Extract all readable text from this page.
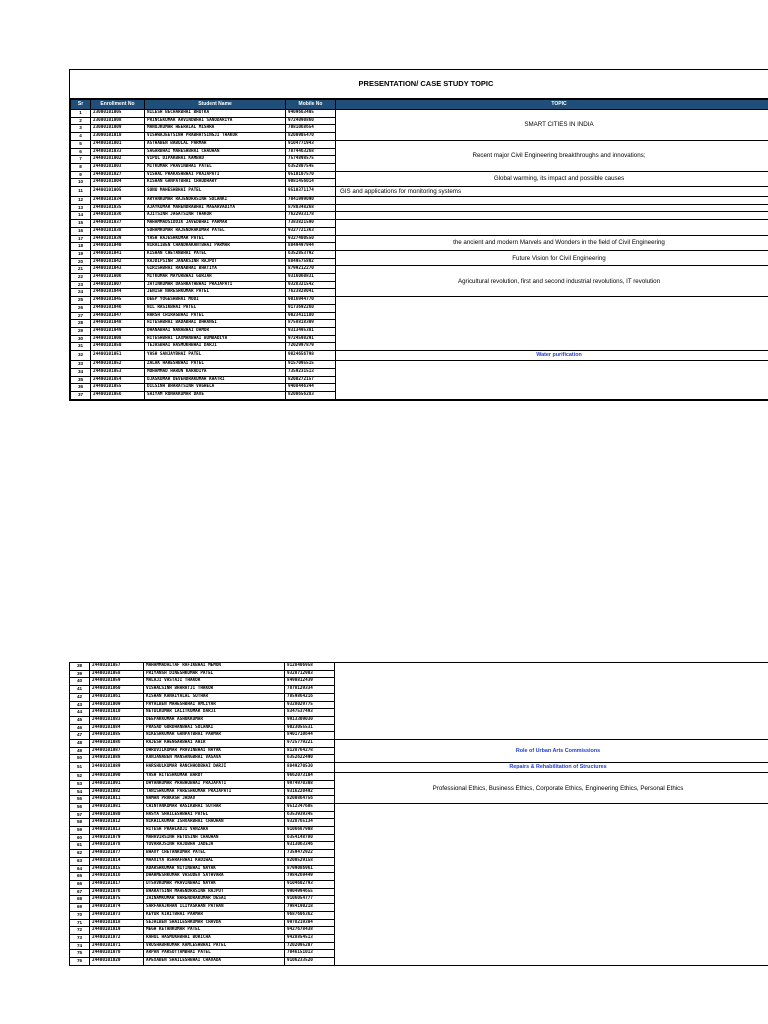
PRESENTATION/ CASE STUDY TOPIC
Sr	Enrollment No	Student Name	Mobile No	TOPIC
1	23000101005	NILESH BECHARBHAI BHUTKA	9409663405	SMART CITIES IN INDIA
2	23000101008	PRINCEKUMAR ARVINDBHAI SANODARIYA	9724090860	
3	23000101009	MANOJKUMAR HEERALAL MISHRA	7081068654	
4	23000101010	VISHWAJEETSINH PRABHATSINGJI THAKOR	8200905470	
5	24400101001	ASTHABEN BABULAL PARMAR	9104771943	Recent major Civil Engineering breakthroughs and innovations;
6	24400101033	SAGARBHAI MAHESHBHAI CHAUHAN	7874463268	
7	24400101002	VIPUL DIPAKBHAI KAMBAD	7574898575	
8	24400101003	MITKUMAR PRAVINBHAI PATEL	6352807545	
9	24400101027	VISHAL PRAKASHBHAI PRAJAPATI	9510107570	Global warming, its impact and possible causes
10	24400101004	KISHAN GANPATBHAI CHAUDHARY	9081456014	
11	24400101005	SONU MAHESHBHAI PATEL	9510371174	GIS and applications for monitoring systems
12	24400101034	ARYANKUMAR RAJENDRASINH SOLANKI	7041999090	
13	24400101035	AJAYKUMAR MAHENDRABHAI MAGARVADIYA	8780348268	
14	24400101036	AJITSINH JAGATSINH THAKOR	7622933178	
15	24400101037	MAHAMMADSIDDIK JAVEDBHAI PARMAR	7383821590	
16	24400101038	SOHAMKUMAR RAJENDRAKUMAR PATEL	9327721363	
17	24400101039	YASH RAJESHKUMAR PATEL	9327400550	the ancient and modern Marvels and Wonders in the field of Civil Engineering
18	24400101040	NIRALIBEN CHANDRAKANTBHAI PARMAR	8849497944	
19	24400101041	KISHAN CHETANBHAI PATEL	6352853792	Future Vision for Civil Engineering
20	24400101042	RAJDIPSINH JANAKSINH RAJPUT	8849575802	
21	24400101043	GIRISHBHAI RANABHAI BHATIYA	8799212270	Agricultural revolution, first and second industrial revolutions, IT revolution
22	24400101006	MITKUMAR MAYURBHAI GURJAR	9316060831	
23	24400101007	JATINKUMAR DASHRATHBHAI PRAJAPATI	9328321542	
24	24400101044	JENISH NARESHKUMAR PATEL	7623828041	
25	24400101045	DEEP YOGESHBHAI MODI	9016944770	
26	24400101046	NIL RASIKBHAI PATEL	9173692260	
27	24400101047	HARSH CHIRAGBHAI PATEL	9023411180	
28	24400101048	HITESHBHAI BADABHAI DHRANGI	8758818309	
29	24400101049	DHANABHAI NANABHAI DAMOR	9313495381	
30	24400101008	HITESHBHAI LAXMANBHAI BUMBADIYA	9724598291	
31	24400101050	TEJASBHAI HASMUKHBHAI DARJI	7202997879	
32	24400101051	YASH SANJAYBHAI PATEL	9824656798	Water purification
33	24400101052	ZALAK HARESHBHAI PATEL	9157095515	
34	24400101053	MOHAMMAD HARUN KARADIYA	7359231513	
35	24400101054	OJASKUMAR DEVENDRAKUMAR KHATRI	8200272157	
36	24400101055	DILSINH BHARATSINH VAGHELA	9408446344	
37	24400101056	SAIYAM RONAKKUMAR DAVE	8200656283	
38	24400101057	MAHAMMADALTAF RAFIKBHAI MEMON	8128406958	
39	24400101058	PRIYANSH DINESHKUMAR PATEL	9328712903	
40	24400101059	MALAJI VASTAJI THAKOR	8490812439	
41	24400101060	VISHALSINH BHARATJI THAKOR	7878129334	
42	24400101061	KISHAN KANAIYALAL SUTHAR	7859864216	
43	24400101009	PAYALBEN MAHESHBHAI AMLIYAR	9328029775	
44	24400101010	NETULKUMAR LALITKUMAR DARJI	8347537493	
45	24400101083	DEEPAKKUMAR ASHOKKUMAR	9913309030	
46	24400101084	PRASAD GORDHANBHAI SOLANKI	9023055531	
47	24400101085	NIKESHKUMAR GANPATBHAI PARMAR	8401710644	
48	24400101086	RAJESH KHENGARBHAI AHIR	9725779221	Role of Urban Arts Commissions
49	24400101087	DHRUVILKUMAR PRAVINBHAI NAYAK	8128764278	
50	24400101088	KANJANABEN MANSANGBHAI VASAVA	6352622490	
51	24400101089	HARSHULKUMAR RANCHHODBHAI DARJI	8849270530	Repairs & Rehabilitation of Structures
52	24400101090	YASH HITESHKUMAR BAROT	9662073104	Professional Ethics, Business Ethics, Corporate Ethics, Engineering Ethics, Personal Ethics
53	24400101091	DHYANKUMAR PRABHUBHAI PRAJAPATI	9974970308	
54	24400101082	TANISHKUMAR PARESHKUMAR PRAJAPATI	9316220492	
55	24400101011	NAMAN PRAKASH JADAV	8200864756	
56	24400101081	CHINTANKUMAR RASIKBHAI SUTHAR	9512347605	
57	24400101080	HASYA SHAILESHBHAI PATEL	6353939345	
58	24400101012	NIKHILKUMAR ISHVARBHAI CHAUHAN	9328765134	
59	24400101013	HITESH PRAHLADJI VANZARA	9106687908	
60	24400101079	MAHAVIRSINH HETUSINH CHAUHAN	6354148780	
61	24400101078	YUVARAJSINH RAJUBHA JADEJA	9313063346	
62	24400101077	BHAVY CHETANKUMAR PATEL	7359472922	
63	24400101014	MAAVIYA ASHRAFBHAI KADIWAL	8200529158	
64	24400101015	ADARSHKUMAR NITINBHAI NAYAK	8799086961	
65	24400101016	DHARMESHKUMAR VASUDEV SATHVARA	7984269449	
66	24400101017	UTSAVKUMAR PRAVINBHAI NAYAK	9104602793	
67	24400101076	BHARATSINH MAHENDRASINH RAJPUT	9904994655	
68	24400101075	JAINAMKUMAR NARENDRAKUMAR DESAI	9106054777	
69	24400101074	SARFARAJKHAN ILIYASKHAN PATHAN	7984190218	
70	24400101073	KEYUR KIRITBHAI PARMAR	9687606362	
71	24400101018	SEJALBEN SHAILESHKUMAR CHAVDA	9978219304	
72	24400101019	MEGH KETANKUMAR PATEL	9427678438	
73	24400101072	RAHUL HASMUKHBHAI BORICHA	9428854513	
74	24400101071	VRUSHABHKUMAR KAMLESHBHAI PATEL	7202095207	
75	24400101070	ARPAN PARSOTTAMBHAI PATEL	7046151013	
76	24400101020	APEXABEN SHAILESHBHAI CHAVADA	9106233520	
